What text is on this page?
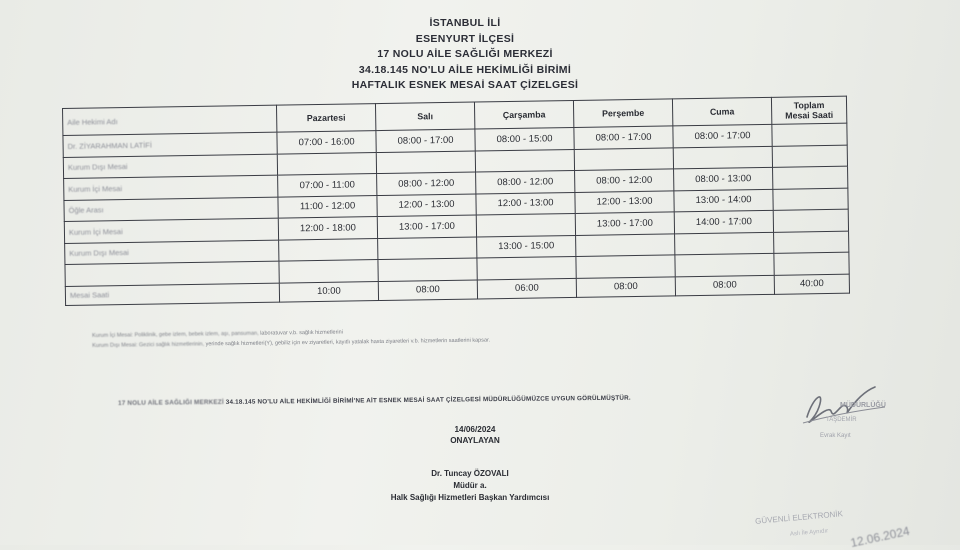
İSTANBUL İLİ
ESENYURT İLÇESİ
17 NOLU AİLE SAĞLIĞI MERKEZİ
34.18.145 NO'LU AİLE HEKİMLİĞİ BİRİMİ
HAFTALIK ESNEK MESAİ SAAT ÇİZELGESİ
Aile Hekimi Adı	Pazartesi	Salı	Çarşamba	Perşembe	Cuma	Toplam
Mesai Saati
Dr. ZİYARAHMAN LATİFİ	07:00 - 16:00	08:00 - 17:00	08:00 - 15:00	08:00 - 17:00	08:00 - 17:00	
Kurum Dışı Mesai						
Kurum İçi Mesai	07:00 - 11:00	08:00 - 12:00	08:00 - 12:00	08:00 - 12:00	08:00 - 13:00	
Öğle Arası	11:00 - 12:00	12:00 - 13:00	12:00 - 13:00	12:00 - 13:00	13:00 - 14:00	
Kurum İçi Mesai	12:00 - 18:00	13:00 - 17:00		13:00 - 17:00	14:00 - 17:00	
Kurum Dışı Mesai			13:00 - 15:00			

Mesai Saati	10:00	08:00	06:00	08:00	08:00	40:00
Kurum İçi Mesai: Poliklinik, gebe izlem, bebek izlem, aşı, pansuman, laboratuvar v.b. sağlık hizmetlerini
Kurum Dışı Mesai: Gezici sağlık hizmetlerinin, yerinde sağlık hizmetleri(Y), gebiliz için ev ziyaretleri, kayıtlı yatalak hasta ziyaretleri v.b. hizmetlerin saatlerini kapsar.
17 NOLU AİLE SAĞLIĞI MERKEZİ 34.18.145 NO'LU AİLE HEKİMLİĞİ BİRİMİ'NE AİT ESNEK MESAİ SAAT ÇİZELGESİ MÜDÜRLÜĞÜMÜZCE UYGUN GÖRÜLMÜŞTÜR.	MÜDÜRLÜĞÜ
TAŞDEMİR
Evrak Kayıt
14/06/2024
ONAYLAYAN
Dr. Tuncay ÖZOVALI
Müdür a.
Halk Sağlığı Hizmetleri Başkan Yardımcısı
GÜVENLİ ELEKTRONİK
Aslı İle Aynıdır 12.06.2024
